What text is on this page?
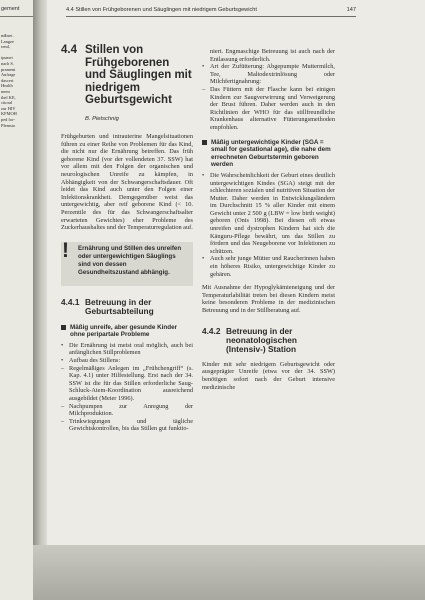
gement
ndbset .
Langze
rend,

ipsmei
nach S.
prament
Aufrage
dascert
Health
mem
thel KE,
cttoral
zur HIV
KFMOH
ped for-
Plemsio
4.4 Stillen von Frühgeborenen und Säuglingen mit niedrigem Geburtsgewicht	147
4.4 Stillen von Frühgeborenen und Säuglingen mit niedrigem Geburtsgewicht
B. Pietschnig

Frühgeburten und intrauterine Mangelsituationen führen zu einer Reihe von Problemen für das Kind, die nicht nur die Ernährung betreffen. Das früh geborene Kind (vor der vollendeten 37. SSW) hat vor allem mit den Folgen der organischen und neurologischen Unreife zu kämpfen, in Abhängigkeit von der Schwangerschaftsdauer. Oft leidet das Kind auch unter den Folgen einer Infektionskrankheit. Demgegenüber weist das untergewichtig, aber reif geborene Kind (< 10. Perzentile des für das Schwangerschaftsalter erwarteten Gewichtes) eher Probleme des Zuckerhaushaltes und der Temperaturregulation auf.

! Ernährung und Stillen des unreifen oder untergewichtigen Säuglings sind von dessen Gesundheitszustand abhängig.
4.4.1 Betreuung in der Geburtsabteilung
Mäßig unreife, aber gesunde Kinder ohne peripartale Probleme
• Die Ernährung ist meist oral möglich, auch bei anfänglichen Stillproblemen
• Aufbau des Stillens:
– Regelmäßiges Anlegen im „Frühchengriff“ (s. Kap. 4.1) unter Hilfestellung. Erst nach der 34. SSW ist die für das Stillen erforderliche Saug-Schluck-Atem-Koordination ausreichend ausgebildet (Meier 1996).
– Nachpumpen zur Anregung der Milchproduktion.
– Trinkwiegungen und tägliche Gewichtskontrollen, bis das Stillen gut funktio-

niert. Engmaschige Betreuung ist auch nach der Entlassung erforderlich.

• Art der Zufütterung: Abgepumpte Muttermilch, Tee, Maltodextrinlösung oder Milchfertignahrung:
– Das Füttern mit der Flasche kann bei einigen Kindern zur Saugverwirrung und Verweigerung der Brust führen. Daher werden auch in den Richtlinien der WHO für das stillfreundliche Krankenhaus alternative Fütterungsmethoden empfohlen.
Mäßig untergewichtige Kinder (SGA = small for gestational age), die nahe dem errechneten Geburtstermin geboren werden
• Die Wahrscheinlichkeit der Geburt eines deutlich untergewichtigen Kindes (SGA) steigt mit der schlechteren sozialen und nutritiven Situation der Mutter. Daher werden in Entwicklungsländern im Durchschnitt 15 % aller Kinder mit einem Gewicht unter 2 500 g (LBW = low birth weight) geboren (Onis 1998). Bei diesen oft etwas unreifen und dystrophen Kindern hat sich die Känguru-Pflege bewährt, um das Stillen zu fördern und das Neugeborene vor Infektionen zu schützen.
• Auch sehr junge Mütter und Raucherinnen haben ein höheres Risiko, untergewichtige Kinder zu gebären.

Mit Ausnahme der Hypoglykämieneigung und der Temperaturlabilität treten bei diesen Kindern meist keine besonderen Probleme in der medizinischen Betreuung und in der Stillberatung auf.

4.4.2 Betreuung in der neonatologischen (Intensiv-) Station

Kinder mit sehr niedrigem Geburtsgewicht oder ausgeprägter Unreife (etwa vor der 34. SSW) benötigen sofort nach der Geburt intensive medizinische
